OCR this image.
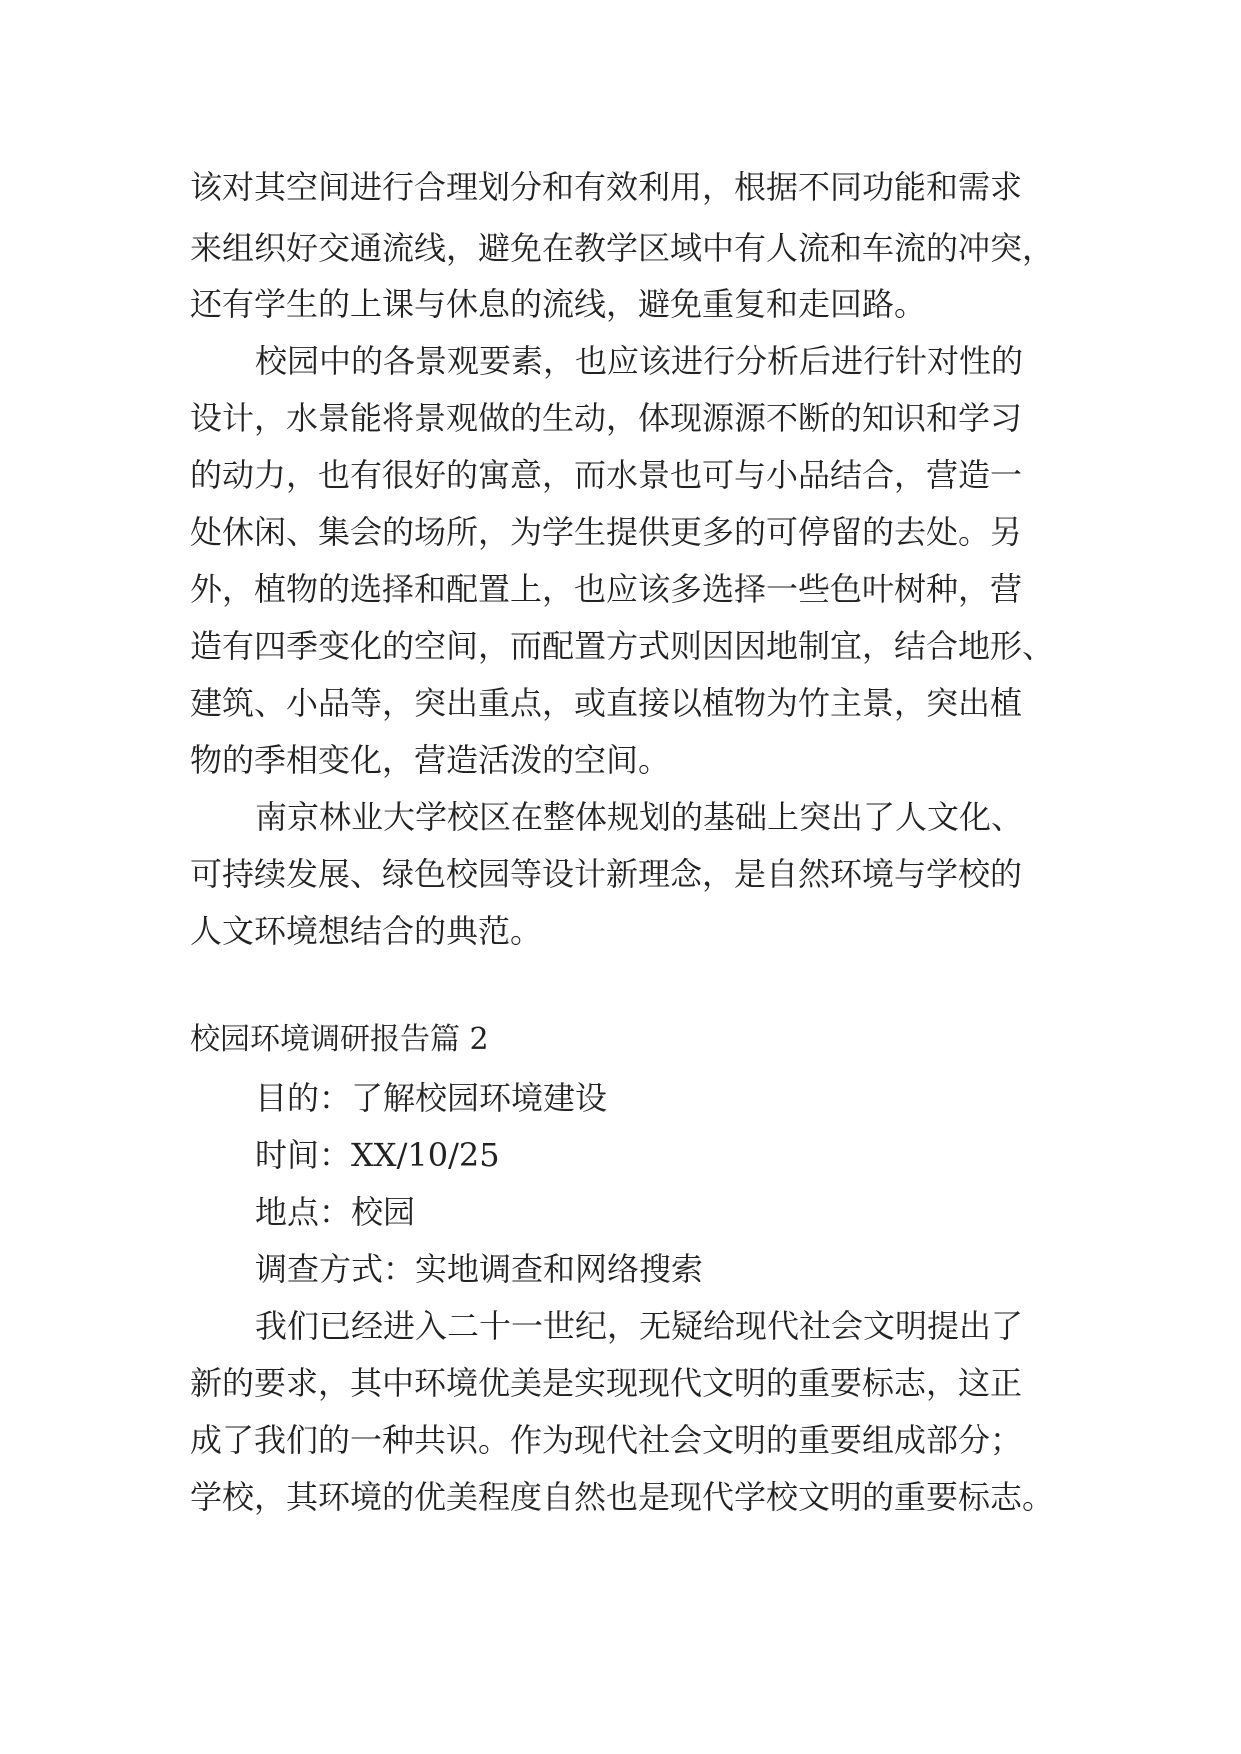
该对其空间进行合理划分和有效利用，根据不同功能和需求
来组织好交通流线，避免在教学区域中有人流和车流的冲突，
还有学生的上课与休息的流线，避免重复和走回路。
校园中的各景观要素，也应该进行分析后进行针对性的
设计，水景能将景观做的生动，体现源源不断的知识和学习
的动力，也有很好的寓意，而水景也可与小品结合，营造一
处休闲、集会的场所，为学生提供更多的可停留的去处。另
外，植物的选择和配置上，也应该多选择一些色叶树种，营
造有四季变化的空间，而配置方式则因因地制宜，结合地形、
建筑、小品等，突出重点，或直接以植物为竹主景，突出植
物的季相变化，营造活泼的空间。
南京林业大学校区在整体规划的基础上突出了人文化、
可持续发展、绿色校园等设计新理念，是自然环境与学校的
人文环境想结合的典范。
校园环境调研报告篇 2
目的：了解校园环境建设
时间：XX/10/25
地点：校园
调查方式：实地调查和网络搜索
我们已经进入二十一世纪，无疑给现代社会文明提出了
新的要求，其中环境优美是实现现代文明的重要标志，这正
成了我们的一种共识。作为现代社会文明的重要组成部分；
学校，其环境的优美程度自然也是现代学校文明的重要标志。
